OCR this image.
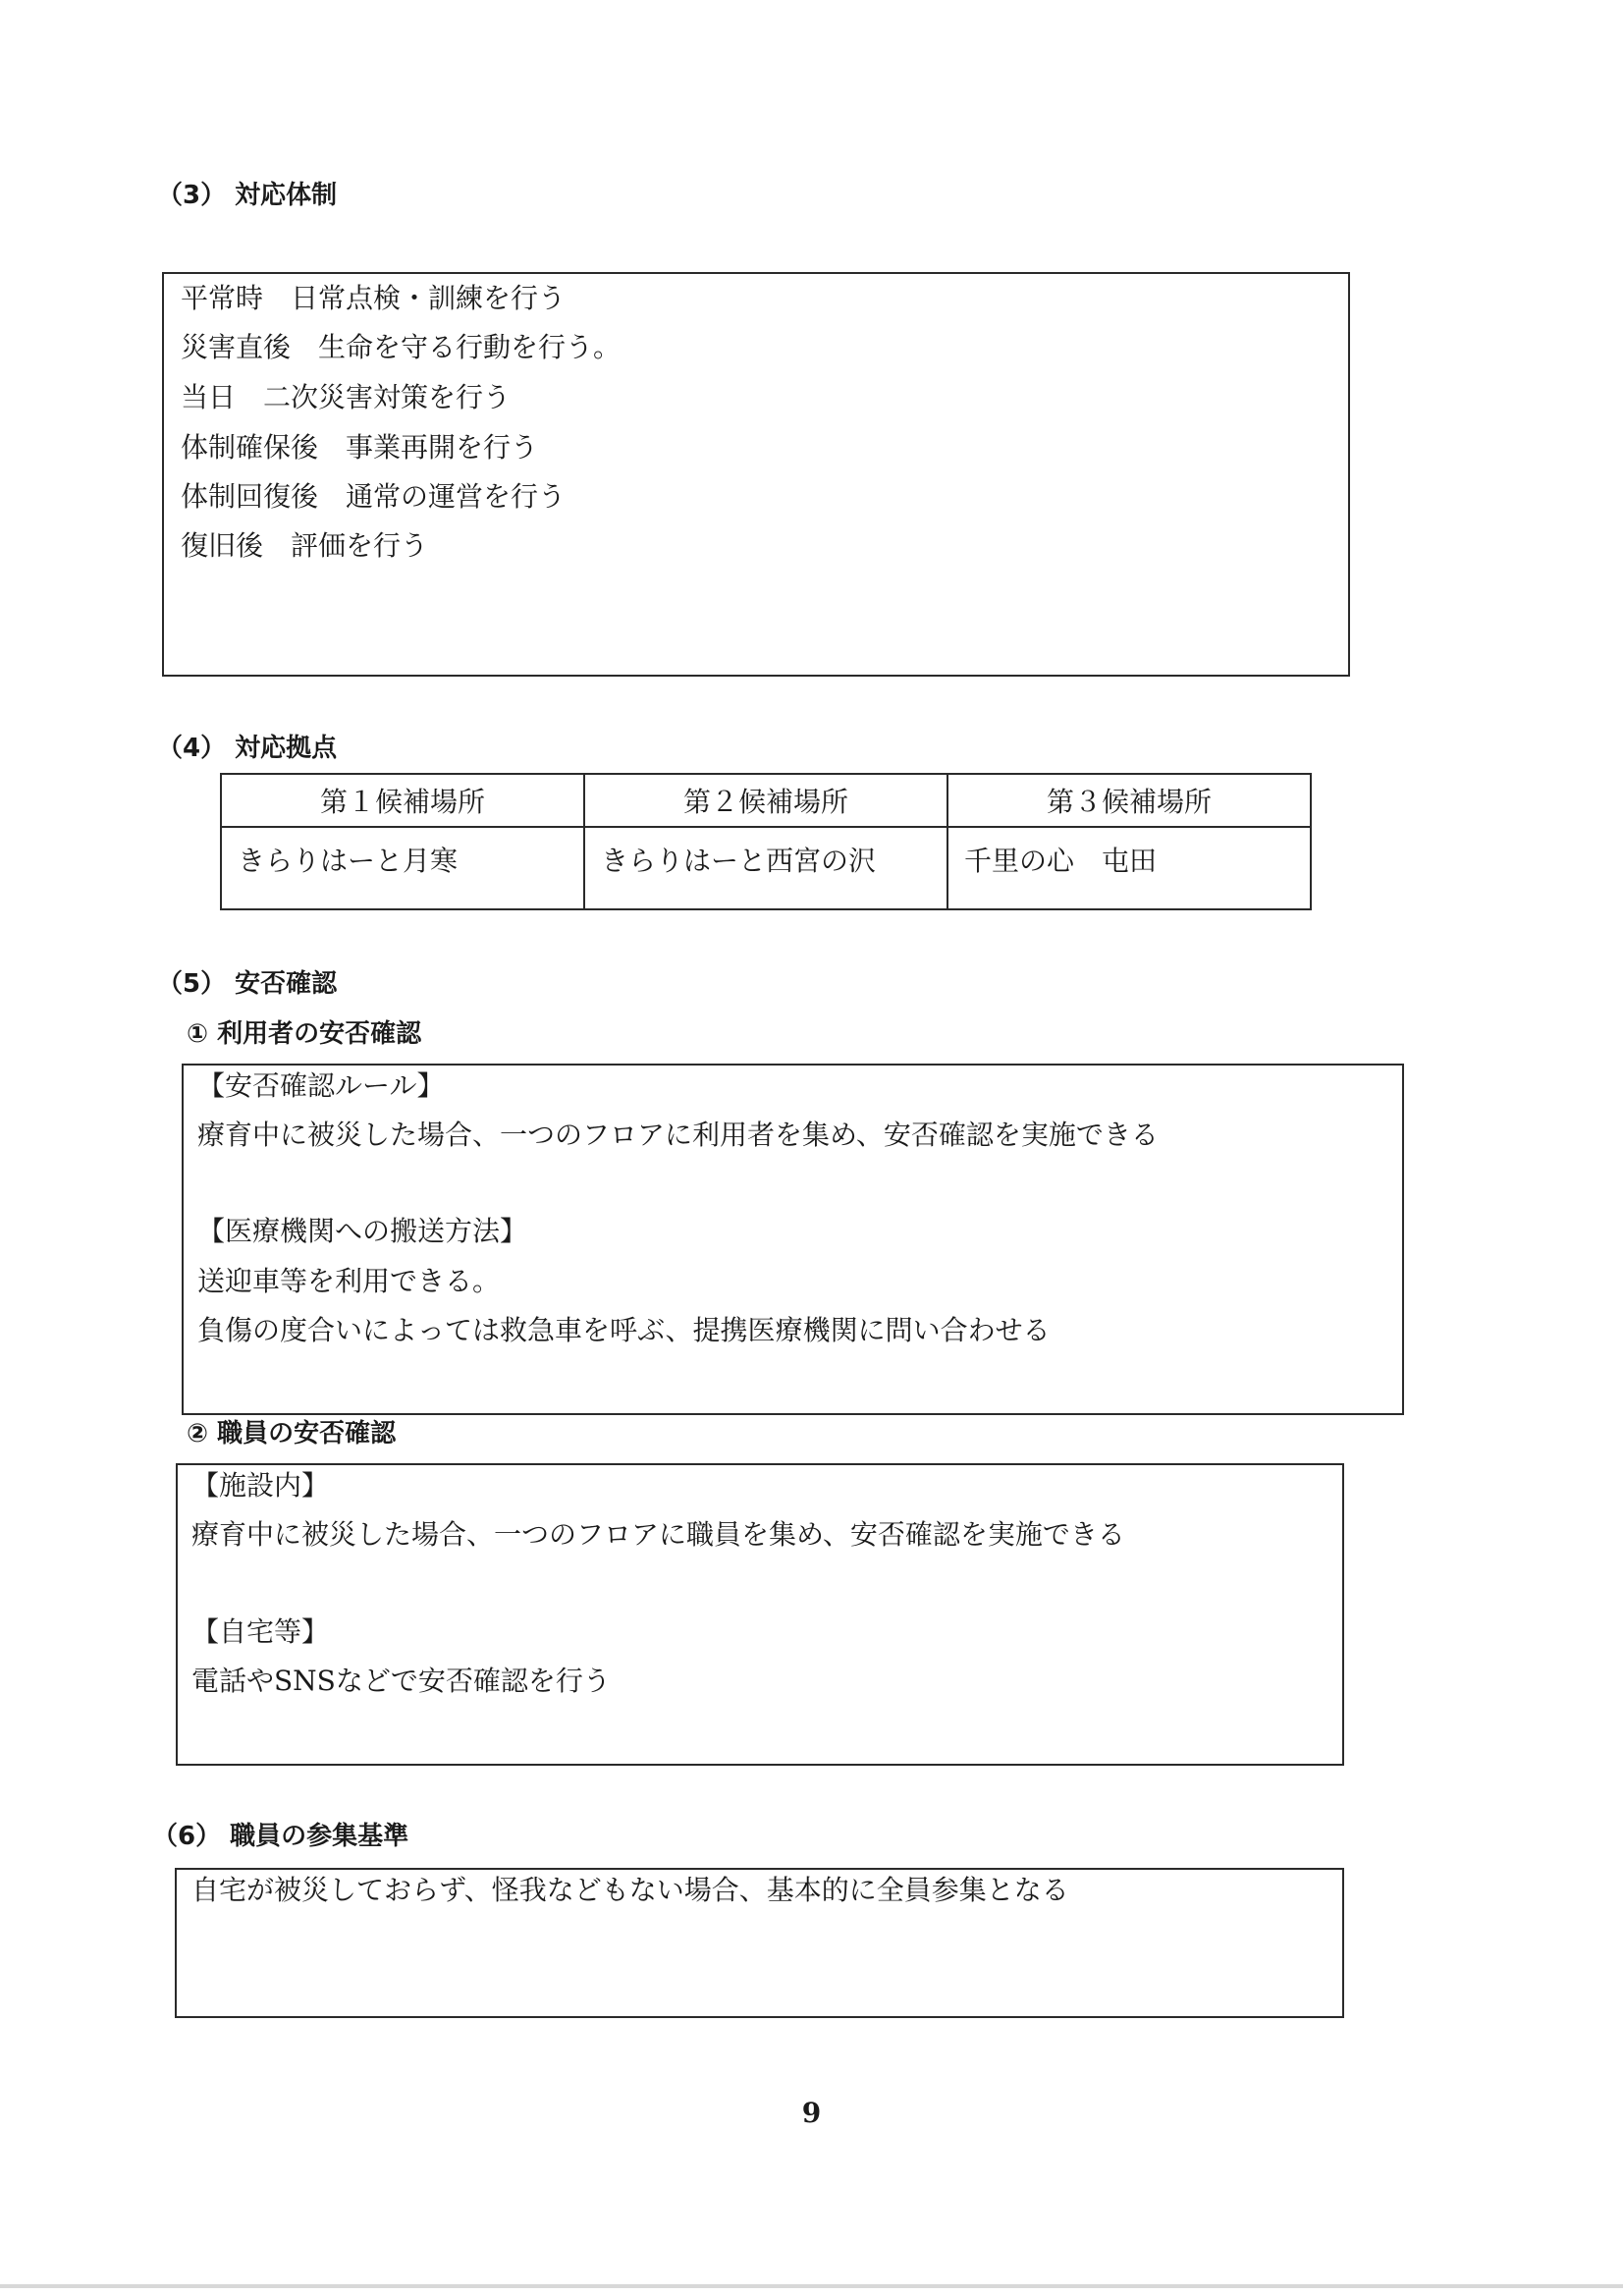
（3） 対応体制
平常時　日常点検・訓練を行う
災害直後　生命を守る行動を行う。
当日　二次災害対策を行う
体制確保後　事業再開を行う
体制回復後　通常の運営を行う
復旧後　評価を行う
（4） 対応拠点
第１候補場所	第２候補場所	第３候補場所
きらりはーと月寒	きらりはーと西宮の沢	千里の心　屯田
（5） 安否確認
① 利用者の安否確認
【安否確認ルール】
療育中に被災した場合、一つのフロアに利用者を集め、安否確認を実施できる
【医療機関への搬送方法】
送迎車等を利用できる。
負傷の度合いによっては救急車を呼ぶ、提携医療機関に問い合わせる
② 職員の安否確認
【施設内】
療育中に被災した場合、一つのフロアに職員を集め、安否確認を実施できる
【自宅等】
電話やSNSなどで安否確認を行う
（6） 職員の参集基準
自宅が被災しておらず、怪我などもない場合、基本的に全員参集となる
9
